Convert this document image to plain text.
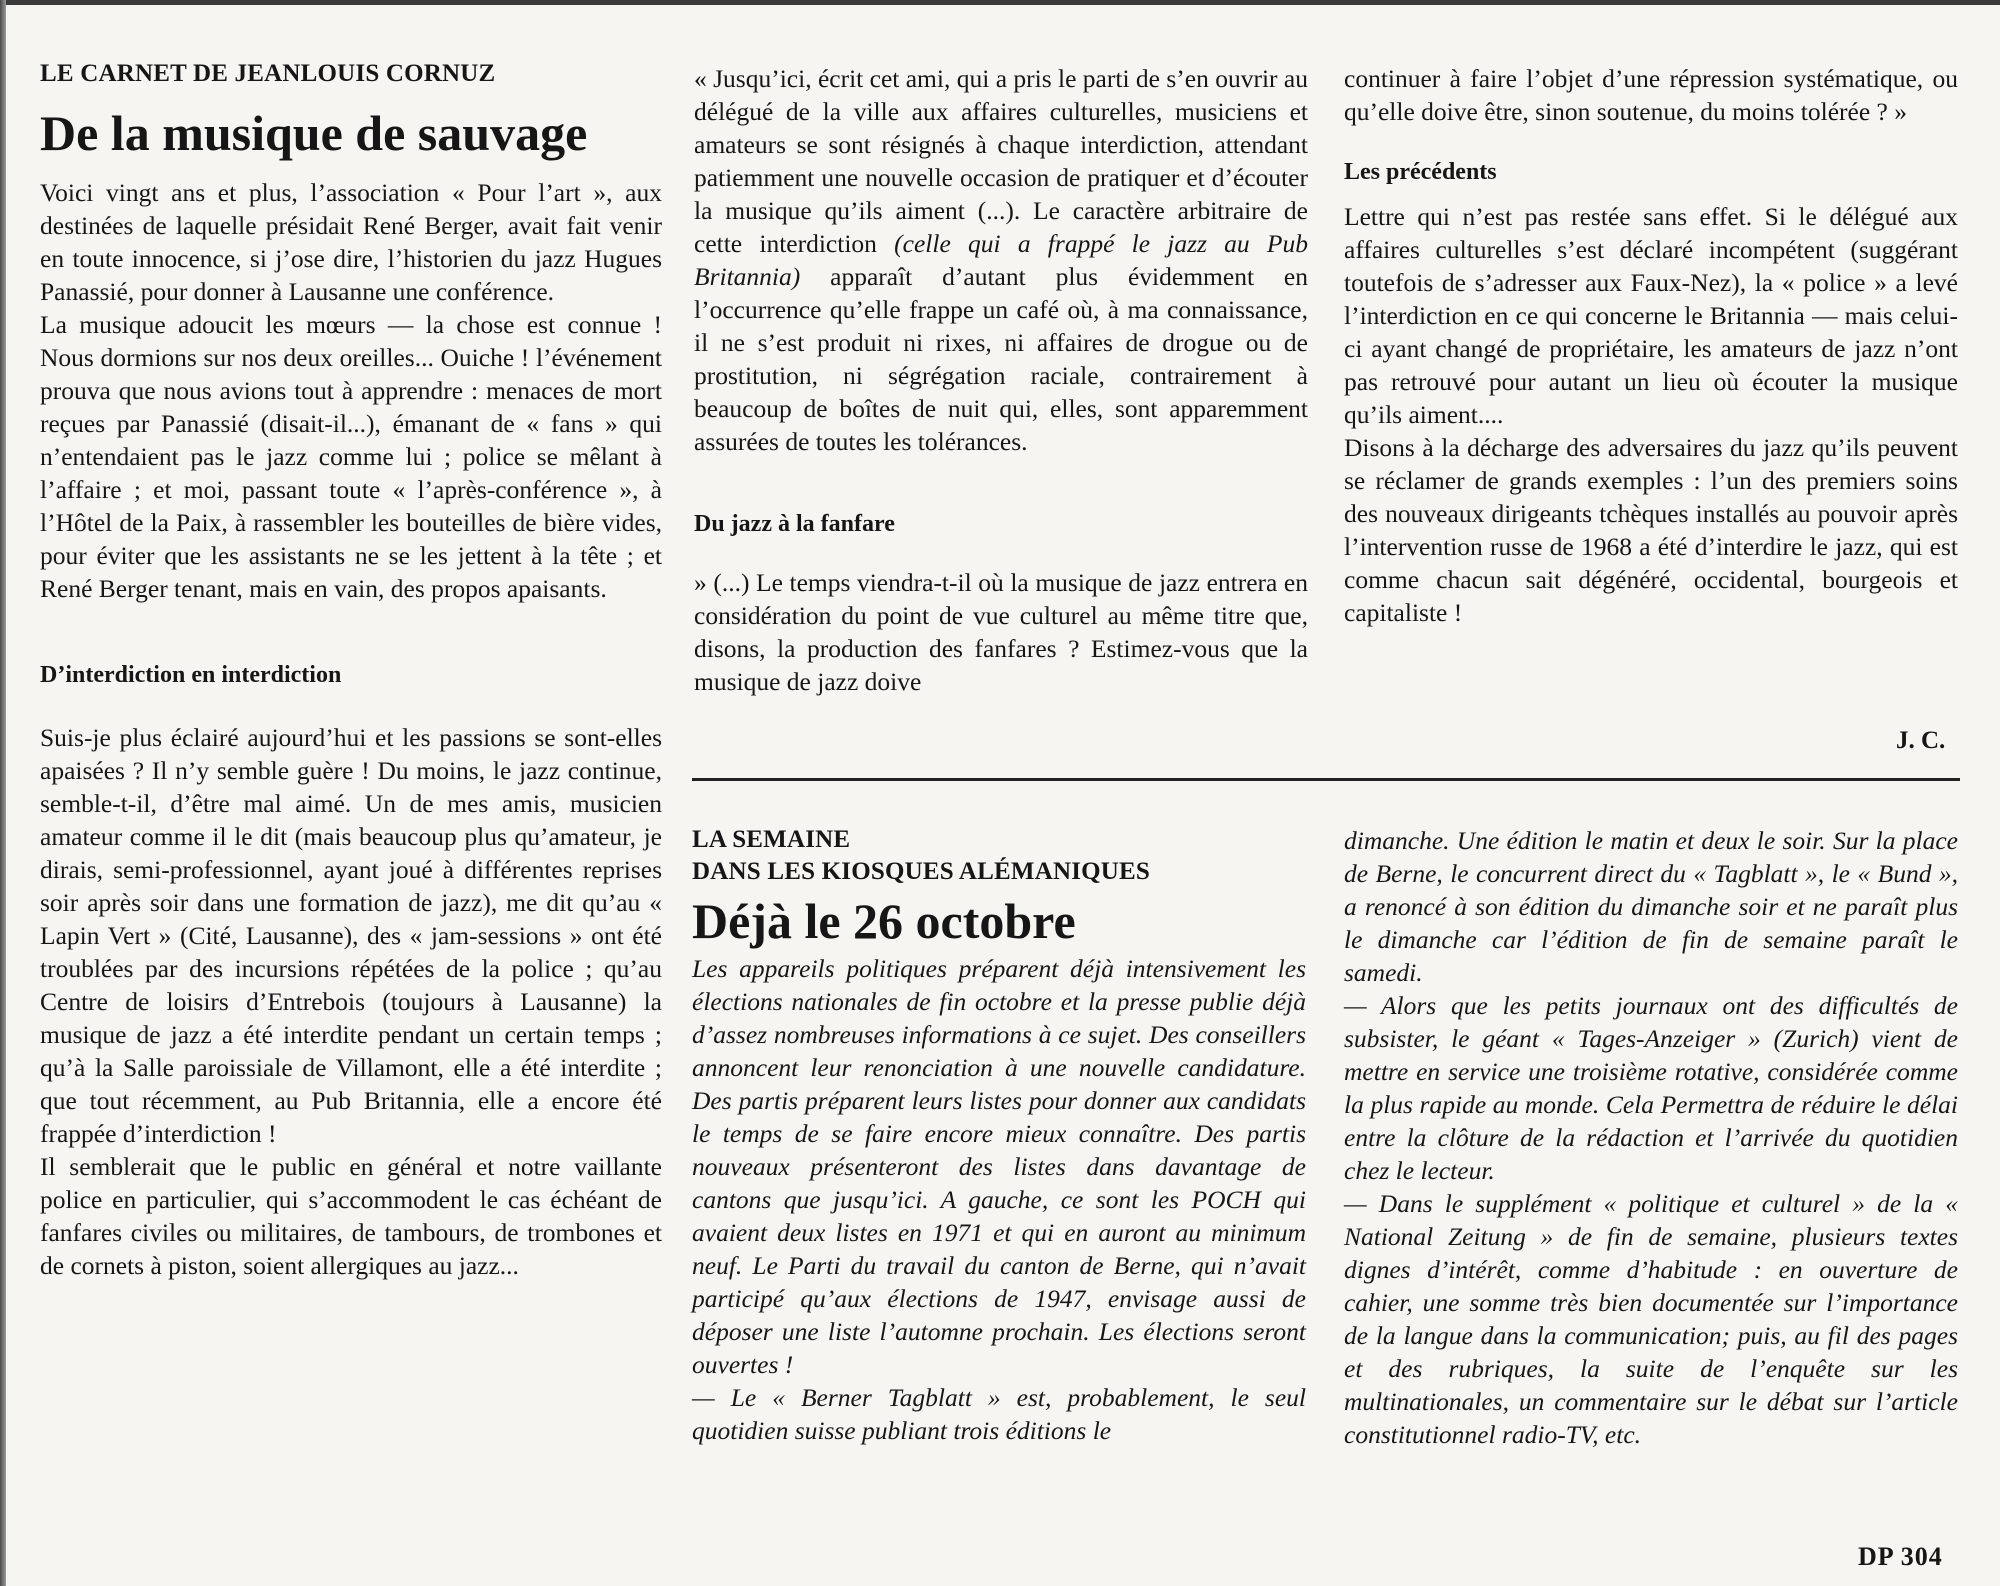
LE CARNET DE JEANLOUIS CORNUZ
De la musique de sauvage

Voici vingt ans et plus, l’association « Pour l’art », aux destinées de laquelle présidait René Berger, avait fait venir en toute innocence, si j’ose dire, l’historien du jazz Hugues Panassié, pour donner à Lausanne une conférence.

La musique adoucit les mœurs — la chose est connue ! Nous dormions sur nos deux oreilles... Ouiche ! l’événement prouva que nous avions tout à apprendre : menaces de mort reçues par Panassié (disait-il...), émanant de « fans » qui n’entendaient pas le jazz comme lui ; police se mêlant à l’affaire ; et moi, passant toute « l’après-conférence », à l’Hôtel de la Paix, à rassembler les bouteilles de bière vides, pour éviter que les assistants ne se les jettent à la tête ; et René Berger tenant, mais en vain, des propos apaisants.

D’interdiction en interdiction

Suis-je plus éclairé aujourd’hui et les passions se sont-elles apaisées ? Il n’y semble guère ! Du moins, le jazz continue, semble-t-il, d’être mal aimé. Un de mes amis, musicien amateur comme il le dit (mais beaucoup plus qu’amateur, je dirais, semi-professionnel, ayant joué à différentes reprises soir après soir dans une formation de jazz), me dit qu’au « Lapin Vert » (Cité, Lausanne), des « jam-sessions » ont été troublées par des incursions répétées de la police ; qu’au Centre de loisirs d’Entrebois (toujours à Lausanne) la musique de jazz a été interdite pendant un certain temps ; qu’à la Salle paroissiale de Villamont, elle a été interdite ; que tout récemment, au Pub Britannia, elle a encore été frappée d’interdiction !

Il semblerait que le public en général et notre vaillante police en particulier, qui s’accommodent le cas échéant de fanfares civiles ou militaires, de tambours, de trombones et de cornets à piston, soient allergiques au jazz...

« Jusqu’ici, écrit cet ami, qui a pris le parti de s’en ouvrir au délégué de la ville aux affaires culturelles, musiciens et amateurs se sont résignés à chaque interdiction, attendant patiemment une nouvelle occasion de pratiquer et d’écouter la musique qu’ils aiment (...). Le caractère arbitraire de cette interdiction (celle qui a frappé le jazz au Pub Britannia) apparaît d’autant plus évidemment en l’occurrence qu’elle frappe un café où, à ma connaissance, il ne s’est produit ni rixes, ni affaires de drogue ou de prostitution, ni ségrégation raciale, contrairement à beaucoup de boîtes de nuit qui, elles, sont apparemment assurées de toutes les tolérances.

Du jazz à la fanfare

» (...) Le temps viendra-t-il où la musique de jazz entrera en considération du point de vue culturel au même titre que, disons, la production des fanfares ? Estimez-vous que la musique de jazz doive

continuer à faire l’objet d’une répression systématique, ou qu’elle doive être, sinon soutenue, du moins tolérée ? »

Les précédents

Lettre qui n’est pas restée sans effet. Si le délégué aux affaires culturelles s’est déclaré incompétent (suggérant toutefois de s’adresser aux Faux-Nez), la « police » a levé l’interdiction en ce qui concerne le Britannia — mais celui-ci ayant changé de propriétaire, les amateurs de jazz n’ont pas retrouvé pour autant un lieu où écouter la musique qu’ils aiment....

Disons à la décharge des adversaires du jazz qu’ils peuvent se réclamer de grands exemples : l’un des premiers soins des nouveaux dirigeants tchèques installés au pouvoir après l’intervention russe de 1968 a été d’interdire le jazz, qui est comme chacun sait dégénéré, occidental, bourgeois et capitaliste !

J. C.
LA SEMAINE
DANS LES KIOSQUES ALÉMANIQUES
Déjà le 26 octobre

Les appareils politiques préparent déjà intensivement les élections nationales de fin octobre et la presse publie déjà d’assez nombreuses informations à ce sujet. Des conseillers annoncent leur renonciation à une nouvelle candidature. Des partis préparent leurs listes pour donner aux candidats le temps de se faire encore mieux connaître. Des partis nouveaux présenteront des listes dans davantage de cantons que jusqu’ici. A gauche, ce sont les POCH qui avaient deux listes en 1971 et qui en auront au minimum neuf. Le Parti du travail du canton de Berne, qui n’avait participé qu’aux élections de 1947, envisage aussi de déposer une liste l’automne prochain. Les élections seront ouvertes !

— Le « Berner Tagblatt » est, probablement, le seul quotidien suisse publiant trois éditions le

dimanche. Une édition le matin et deux le soir. Sur la place de Berne, le concurrent direct du « Tagblatt », le « Bund », a renoncé à son édition du dimanche soir et ne paraît plus le dimanche car l’édition de fin de semaine paraît le samedi.

— Alors que les petits journaux ont des difficultés de subsister, le géant « Tages-Anzeiger » (Zurich) vient de mettre en service une troisième rotative, considérée comme la plus rapide au monde. Cela Permettra de réduire le délai entre la clôture de la rédaction et l’arrivée du quotidien chez le lecteur.

— Dans le supplément « politique et culturel » de la « National Zeitung » de fin de semaine, plusieurs textes dignes d’intérêt, comme d’habitude : en ouverture de cahier, une somme très bien documentée sur l’importance de la langue dans la communication; puis, au fil des pages et des rubriques, la suite de l’enquête sur les multinationales, un commentaire sur le débat sur l’article constitutionnel radio-TV, etc.

DP 304
